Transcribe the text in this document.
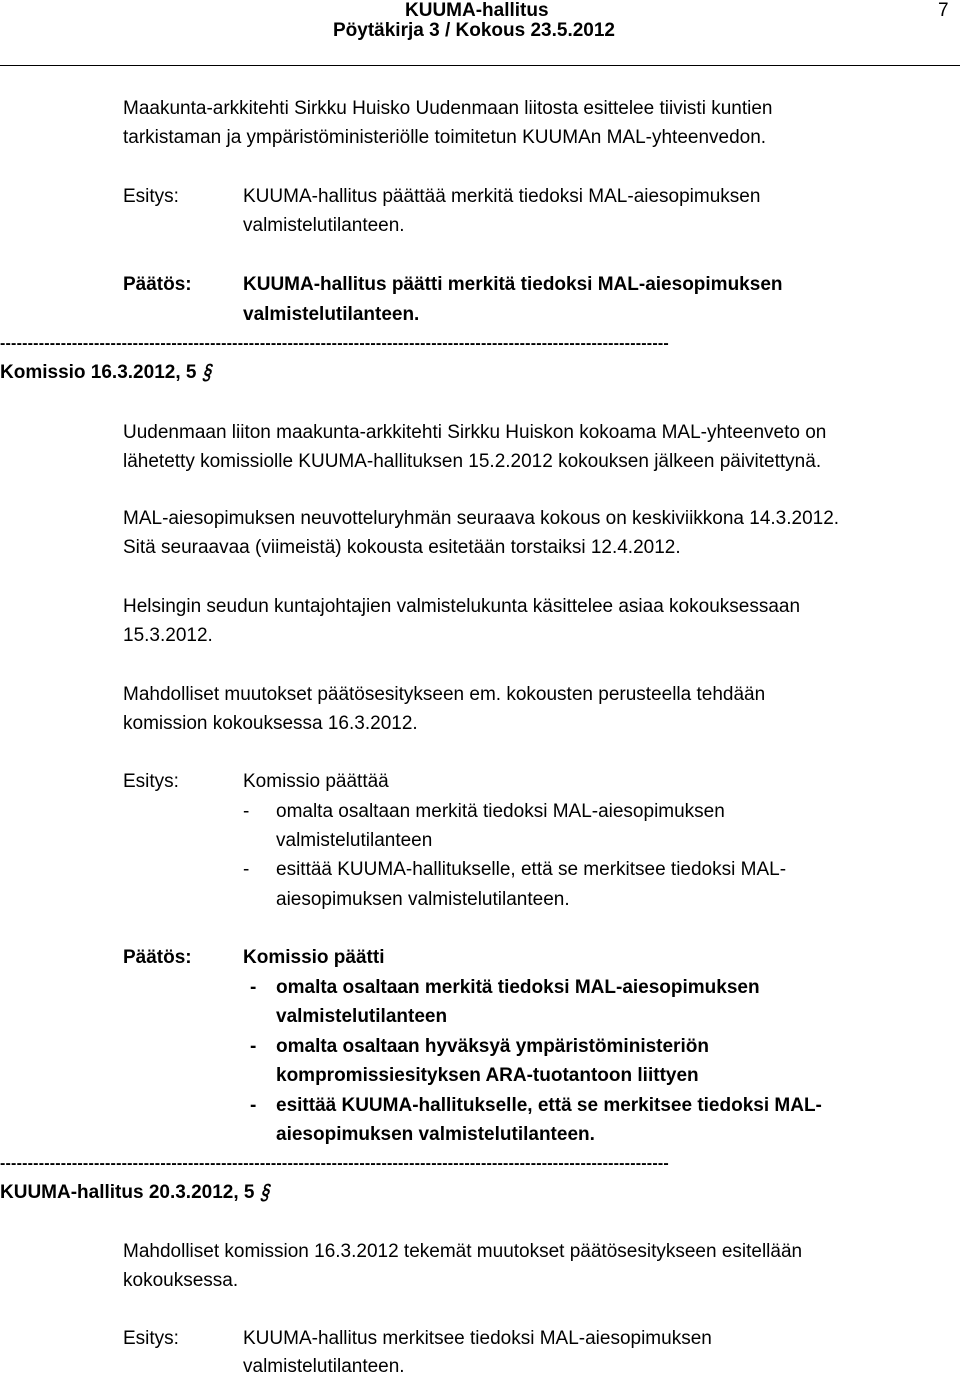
KUUMA-hallitus
Pöytäkirja 3 / Kokous 23.5.2012
7
Maakunta-arkkitehti Sirkku Huisko Uudenmaan liitosta esittelee tiivisti kuntien
tarkistaman ja ympäristöministeriölle toimitetun KUUMAn MAL-yhteenvedon.
Esitys:	KUUMA-hallitus päättää merkitä tiedoksi MAL-aiesopimuksen
valmistelutilanteen.
Päätös:	KUUMA-hallitus päätti merkitä tiedoksi MAL-aiesopimuksen
valmistelutilanteen.
-------------------------------------------------------------------------------------------------------------------------
Komissio 16.3.2012, 5 §
Uudenmaan liiton maakunta-arkkitehti Sirkku Huiskon kokoama MAL-yhteenveto on
lähetetty komissiolle KUUMA-hallituksen 15.2.2012 kokouksen jälkeen päivitettynä.
MAL-aiesopimuksen neuvotteluryhmän seuraava kokous on keskiviikkona 14.3.2012.
Sitä seuraavaa (viimeistä) kokousta esitetään torstaiksi 12.4.2012.
Helsingin seudun kuntajohtajien valmistelukunta käsittelee asiaa kokouksessaan
15.3.2012.
Mahdolliset muutokset päätösesitykseen em. kokousten perusteella tehdään
komission kokouksessa 16.3.2012.
Esitys:	Komissio päättää
- omalta osaltaan merkitä tiedoksi MAL-aiesopimuksen
valmistelutilanteen
- esittää KUUMA-hallitukselle, että se merkitsee tiedoksi MAL-
aiesopimuksen valmistelutilanteen.
Päätös:	Komissio päätti
- omalta osaltaan merkitä tiedoksi MAL-aiesopimuksen
valmistelutilanteen
- omalta osaltaan hyväksyä ympäristöministeriön
kompromissiesityksen ARA-tuotantoon liittyen
- esittää KUUMA-hallitukselle, että se merkitsee tiedoksi MAL-
aiesopimuksen valmistelutilanteen.
-------------------------------------------------------------------------------------------------------------------------
KUUMA-hallitus 20.3.2012, 5 §
Mahdolliset komission 16.3.2012 tekemät muutokset päätösesitykseen esitellään
kokouksessa.
Esitys:	KUUMA-hallitus merkitsee tiedoksi MAL-aiesopimuksen
valmistelutilanteen.
